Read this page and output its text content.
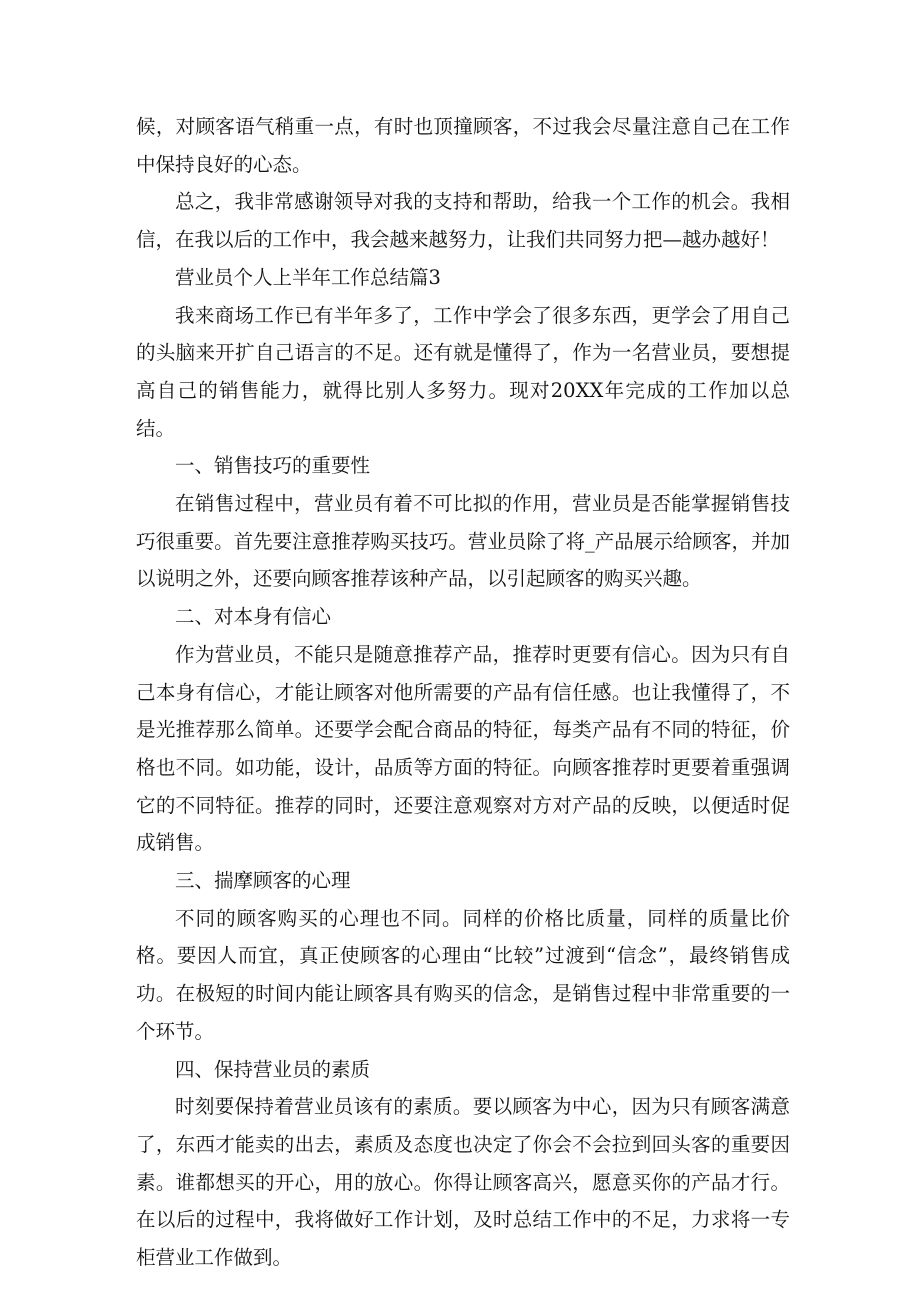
候，对顾客语气稍重一点，有时也顶撞顾客，不过我会尽量注意自己在工作中保持良好的心态。

总之，我非常感谢领导对我的支持和帮助，给我一个工作的机会。我相信，在我以后的工作中，我会越来越努力，让我们共同努力把—越办越好！

营业员个人上半年工作总结篇3

我来商场工作已有半年多了，工作中学会了很多东西，更学会了用自己的头脑来开扩自己语言的不足。还有就是懂得了，作为一名营业员，要想提高自己的销售能力，就得比别人多努力。现对20XX年完成的工作加以总结。

一、销售技巧的重要性

在销售过程中，营业员有着不可比拟的作用，营业员是否能掌握销售技巧很重要。首先要注意推荐购买技巧。营业员除了将_产品展示给顾客，并加以说明之外，还要向顾客推荐该种产品，以引起顾客的购买兴趣。

二、对本身有信心

作为营业员，不能只是随意推荐产品，推荐时更要有信心。因为只有自己本身有信心，才能让顾客对他所需要的产品有信任感。也让我懂得了，不是光推荐那么简单。还要学会配合商品的特征，每类产品有不同的特征，价格也不同。如功能，设计，品质等方面的特征。向顾客推荐时更要着重强调它的不同特征。推荐的同时，还要注意观察对方对产品的反映，以便适时促成销售。

三、揣摩顾客的心理

不同的顾客购买的心理也不同。同样的价格比质量，同样的质量比价格。要因人而宜，真正使顾客的心理由“比较”过渡到“信念”，最终销售成功。在极短的时间内能让顾客具有购买的信念，是销售过程中非常重要的一个环节。

四、保持营业员的素质

时刻要保持着营业员该有的素质。要以顾客为中心，因为只有顾客满意了，东西才能卖的出去，素质及态度也决定了你会不会拉到回头客的重要因素。谁都想买的开心，用的放心。你得让顾客高兴，愿意买你的产品才行。在以后的过程中，我将做好工作计划，及时总结工作中的不足，力求将一专柜营业工作做到。
